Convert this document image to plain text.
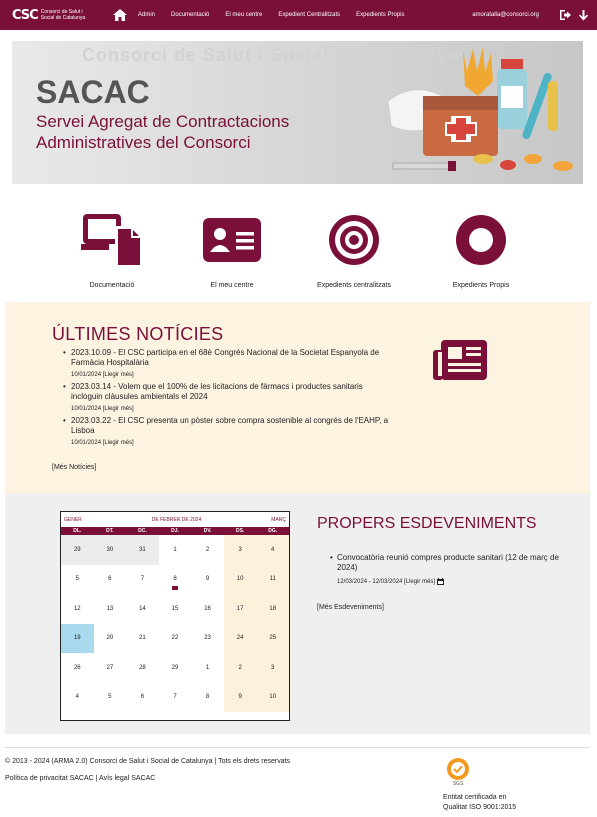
CSC Consorci de Salut i Social de Catalunya	Admin	Documentació	El meu centre	Expedient Centralitzats	Expedients Propis	amoratalla@consorci.org
Consorci de Salut i Social de Catalunya
SACAC
Servei Agregat de Contractacions Administratives del Consorci
Documentació	El meu centre	Expedients centralitzats	Expedients Propis
ÚLTIMES NOTÍCIES
• 2023.10.09 - El CSC participa en el 68è Congrés Nacional de la Societat Espanyola de Farmàcia Hospitalària
10/01/2024 [Llegir més]
• 2023.03.14 - Volem que el 100% de les licitacions de fàrmacs i productes sanitaris incloguin clàusules ambientals el 2024
10/01/2024 [Llegir més]
• 2023.03.22 - El CSC presenta un pòster sobre compra sostenible al congrés de l'EAHP, a Lisboa
10/01/2024 [Llegir més]
[Més Notícies]
GENER	DE FEBRER DE 2024	MARÇ
DL.	DT.	DC.	DJ.	DV.	DS.	DG.
29	30	31	1	2	3	4
5	6	7	8	9	10	11
12	13	14	15	16	17	18
19	20	21	22	23	24	25
26	27	28	29	1	2	3
4	5	6	7	8	9	10
PROPERS ESDEVENIMENTS
• Convocatòria reunió compres producte sanitari (12 de març de 2024)
12/03/2024 - 12/03/2024 [Llegir més]
[Més Esdeveniments]
© 2013 - 2024 (ARMA 2.0) Consorci de Salut i Social de Catalunya | Tots els drets reservats
Política de privacitat SACAC | Avís legal SACAC
SGS
Entitat certificada en
Qualitat ISO 9001:2015
